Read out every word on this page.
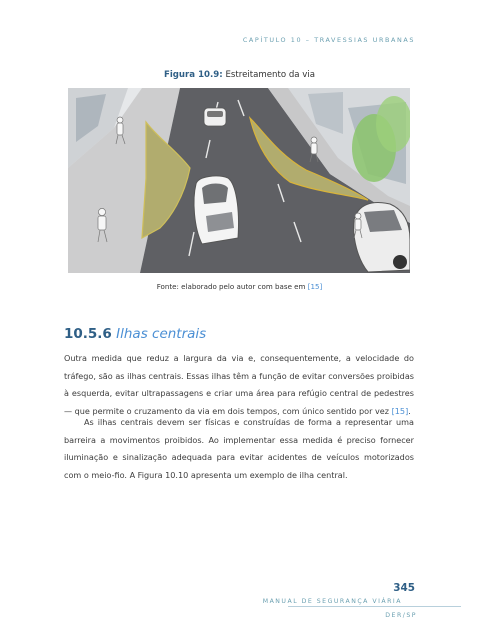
CAPÍTULO 10 – TRAVESSIAS URBANAS
Figura 10.9: Estreitamento da via
Fonte: elaborado pelo autor com base em [15]
10.5.6 Ilhas centrais

Outra medida que reduz a largura da via e, consequentemente, a velocidade do tráfego, são as ilhas centrais. Essas ilhas têm a função de evitar conversões proibidas à esquerda, evitar ultrapassagens e criar uma área para refúgio central de pedestres — que permite o cruzamento da via em dois tempos, com único sentido por vez [15].

As ilhas centrais devem ser físicas e construídas de forma a representar uma barreira a movimentos proibidos. Ao implementar essa medida é preciso fornecer iluminação e sinalização adequada para evitar acidentes de veículos motorizados com o meio-fio. A Figura 10.10 apresenta um exemplo de ilha central.

345
MANUAL DE SEGURANÇA VIÁRIA
DER/SP
